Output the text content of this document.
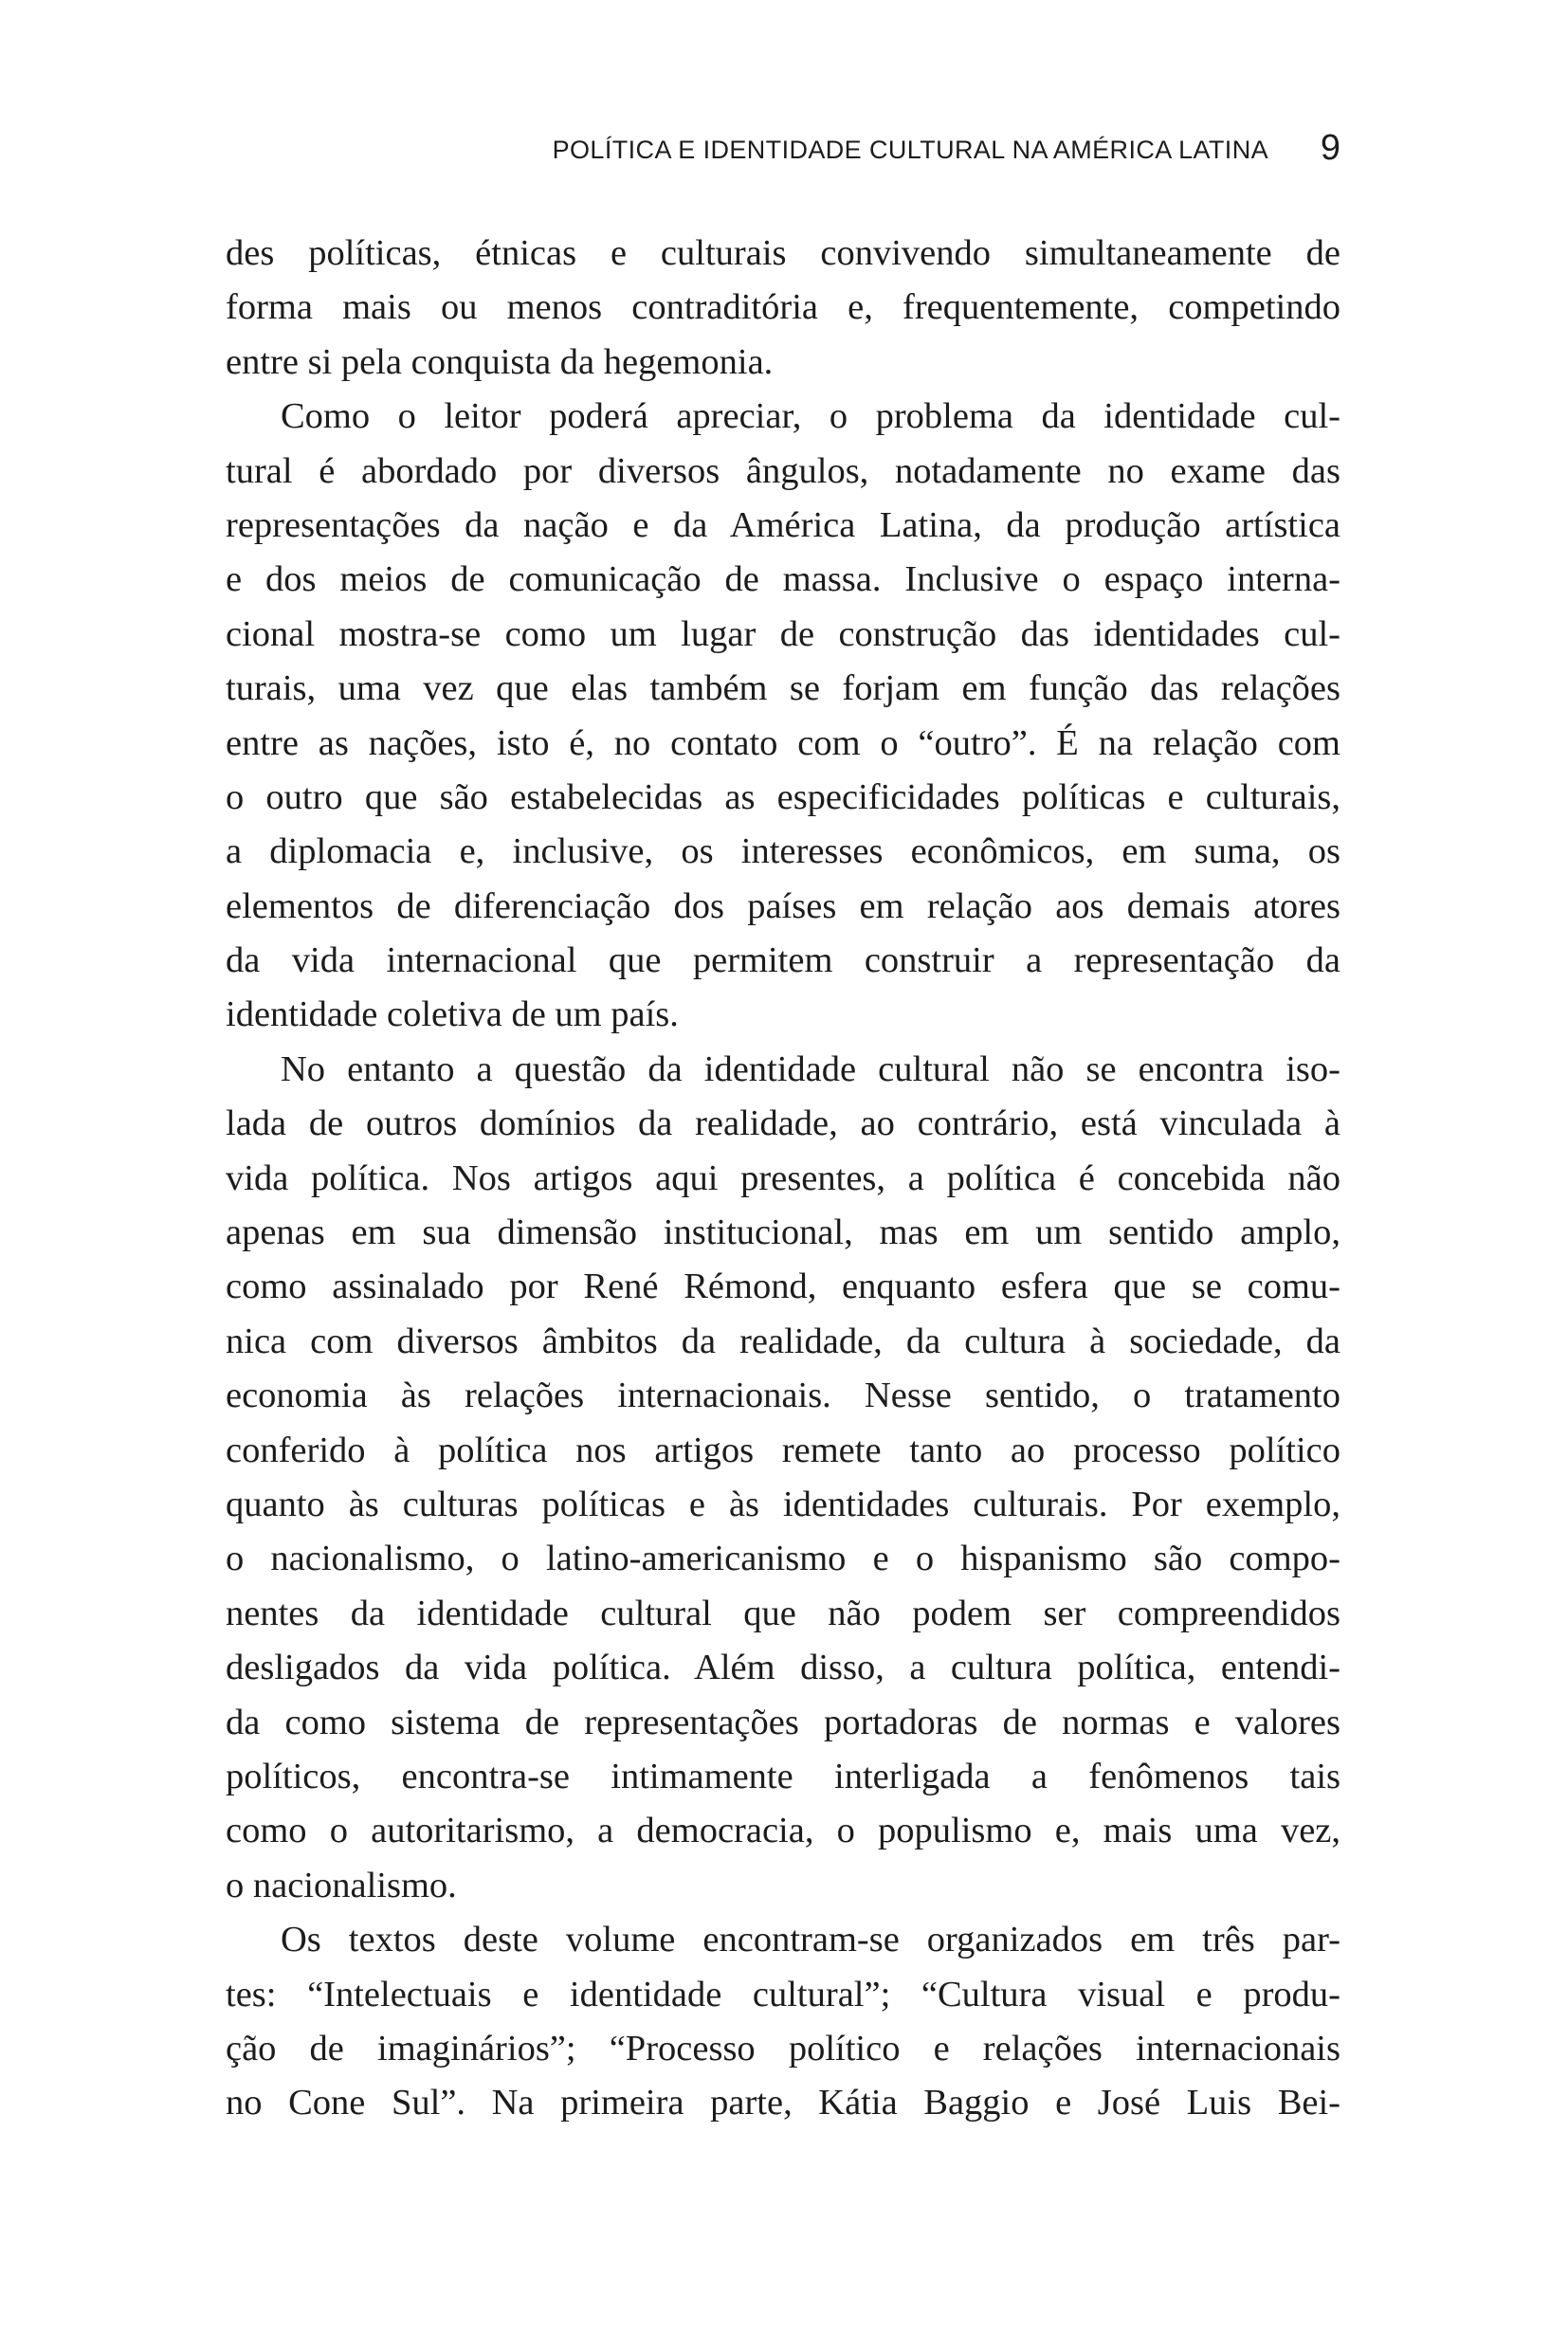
POLÍTICA E IDENTIDADE CULTURAL NA AMÉRICA LATINA 9
des políticas, étnicas e culturais convivendo simultaneamente de
forma mais ou menos contraditória e, frequentemente, competindo
entre si pela conquista da hegemonia.
Como o leitor poderá apreciar, o problema da identidade cul-
tural é abordado por diversos ângulos, notadamente no exame das
representações da nação e da América Latina, da produção artística
e dos meios de comunicação de massa. Inclusive o espaço interna-
cional mostra-se como um lugar de construção das identidades cul-
turais, uma vez que elas também se forjam em função das relações
entre as nações, isto é, no contato com o “outro”. É na relação com
o outro que são estabelecidas as especificidades políticas e culturais,
a diplomacia e, inclusive, os interesses econômicos, em suma, os
elementos de diferenciação dos países em relação aos demais atores
da vida internacional que permitem construir a representação da
identidade coletiva de um país.
No entanto a questão da identidade cultural não se encontra iso-
lada de outros domínios da realidade, ao contrário, está vinculada à
vida política. Nos artigos aqui presentes, a política é concebida não
apenas em sua dimensão institucional, mas em um sentido amplo,
como assinalado por René Rémond, enquanto esfera que se comu-
nica com diversos âmbitos da realidade, da cultura à sociedade, da
economia às relações internacionais. Nesse sentido, o tratamento
conferido à política nos artigos remete tanto ao processo político
quanto às culturas políticas e às identidades culturais. Por exemplo,
o nacionalismo, o latino-americanismo e o hispanismo são compo-
nentes da identidade cultural que não podem ser compreendidos
desligados da vida política. Além disso, a cultura política, entendi-
da como sistema de representações portadoras de normas e valores
políticos, encontra-se intimamente interligada a fenômenos tais
como o autoritarismo, a democracia, o populismo e, mais uma vez,
o nacionalismo.
Os textos deste volume encontram-se organizados em três par-
tes: “Intelectuais e identidade cultural”; “Cultura visual e produ-
ção de imaginários”; “Processo político e relações internacionais
no Cone Sul”. Na primeira parte, Kátia Baggio e José Luis Bei-
